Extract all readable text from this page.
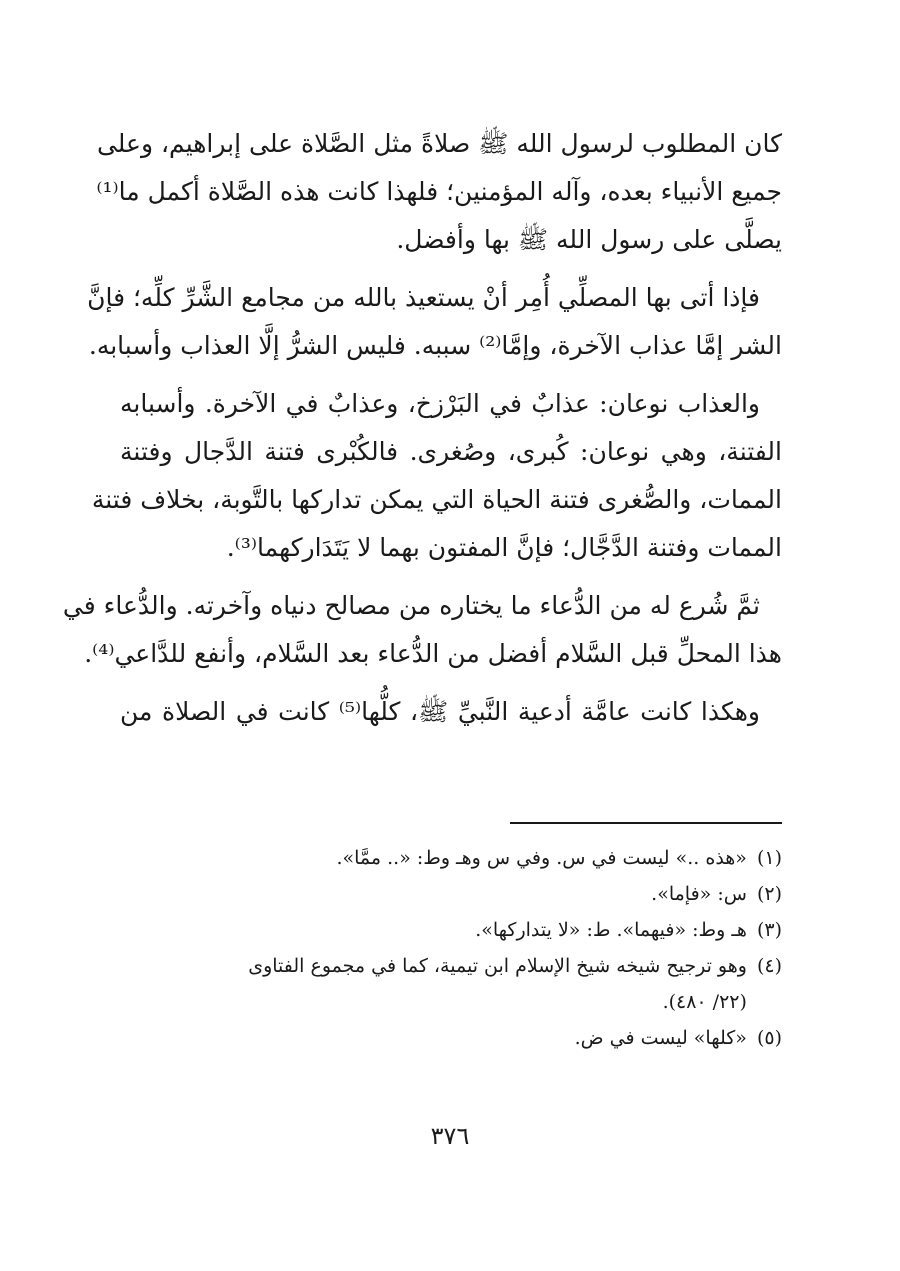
كان المطلوب لرسول الله ﷺ صلاةً مثل الصَّلاة على إبراهيم، وعلى
جميع الأنبياء بعده، وآله المؤمنين؛ فلهذا كانت هذه الصَّلاة أكمل ما⁽¹⁾
يصلَّى على رسول الله ﷺ بها وأفضل.
فإذا أتى بها المصلِّي أُمِر أنْ يستعيذ بالله من مجامع الشَّرِّ كلِّه؛ فإنَّ
الشر إمَّا عذاب الآخرة، وإمَّا⁽²⁾ سببه. فليس الشرُّ إلَّا العذاب وأسبابه.
والعذاب نوعان: عذابٌ في البَرْزخ، وعذابٌ في الآخرة. وأسبابه
الفتنة، وهي نوعان: كُبرى، وصُغرى. فالكُبْرى فتنة الدَّجال وفتنة
الممات، والصُّغرى فتنة الحياة التي يمكن تداركها بالتَّوبة، بخلاف فتنة
الممات وفتنة الدَّجَّال؛ فإنَّ المفتون بهما لا يَتَدَاركهما⁽³⁾.
ثمَّ شُرع له من الدُّعاء ما يختاره من مصالح دنياه وآخرته. والدُّعاء في
هذا المحلِّ قبل السَّلام أفضل من الدُّعاء بعد السَّلام، وأنفع للدَّاعي⁽⁴⁾.
وهكذا كانت عامَّة أدعية النَّبيِّ ﷺ، كلُّها⁽⁵⁾ كانت في الصلاة من
(١)
«هذه ..» ليست في س. وفي س وهـ وط: «.. ممَّا».
(٢)
س: «فإما».
(٣)
هـ وط: «فيهما». ط: «لا يتداركها».
(٤)
وهو ترجيح شيخه شيخ الإسلام ابن تيمية، كما في مجموع الفتاوى
(٢٢/ ٤٨٠).
(٥)
«كلها» ليست في ض.
٣٧٦
